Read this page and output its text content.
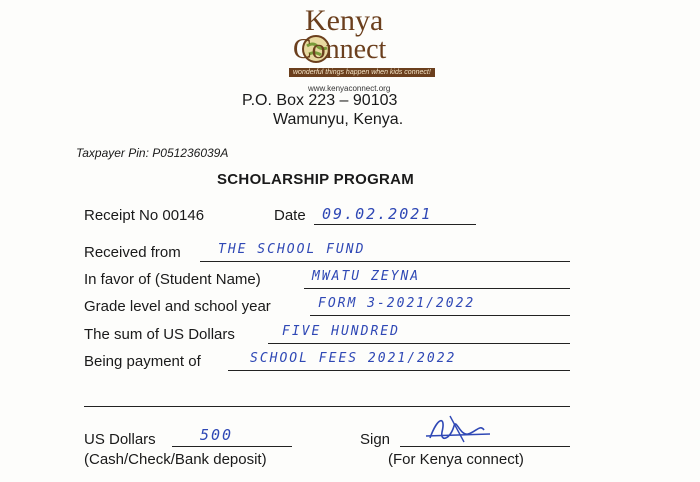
Kenya
Connect
wonderful things happen when kids connect!
www.kenyaconnect.org
P.O. Box 223 – 90103
Wamunyu, Kenya.
Taxpayer Pin: P051236039A
SCHOLARSHIP PROGRAM
Receipt No 00146	Date 09.02.2021
Received from	THE SCHOOL FUND
In favor of (Student Name)	MWATU ZEYNA
Grade level and school year	FORM 3-2021/2022
The sum of US Dollars	FIVE HUNDRED
Being payment of	SCHOOL FEES 2021/2022
US Dollars	500
(Cash/Check/Bank deposit)
Sign
(For Kenya connect)
